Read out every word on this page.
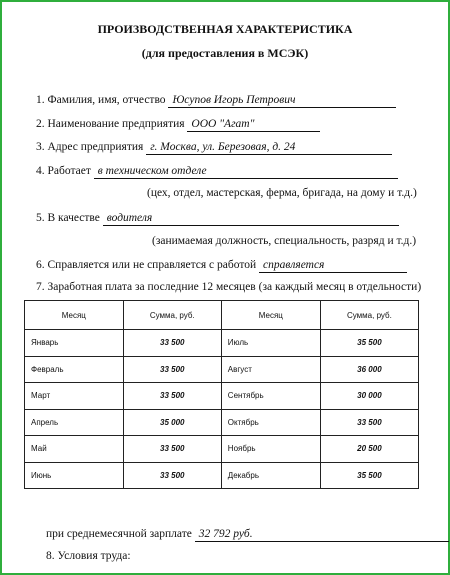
ПРОИЗВОДСТВЕННАЯ ХАРАКТЕРИСТИКА
(для предоставления в МСЭК)
1. Фамилия, имя, отчество Юсупов Игорь Петрович
2. Наименование предприятия ООО "Агат"
3. Адрес предприятия г. Москва, ул. Березовая, д. 24
4. Работает в техническом отделе
(цех, отдел, мастерская, ферма, бригада, на дому и т.д.)
5. В качестве водителя
(занимаемая должность, специальность, разряд и т.д.)
6. Справляется или не справляется с работой справляется
7. Заработная плата за последние 12 месяцев (за каждый месяц в отдельности)
Месяц	Сумма, руб.	Месяц	Сумма, руб.
Январь	33 500	Июль	35 500
Февраль	33 500	Август	36 000
Март	33 500	Сентябрь	30 000
Апрель	35 000	Октябрь	33 500
Май	33 500	Ноябрь	20 500
Июнь	33 500	Декабрь	35 500
при среднемесячной зарплате 32 792 руб.
8. Условия труда:
